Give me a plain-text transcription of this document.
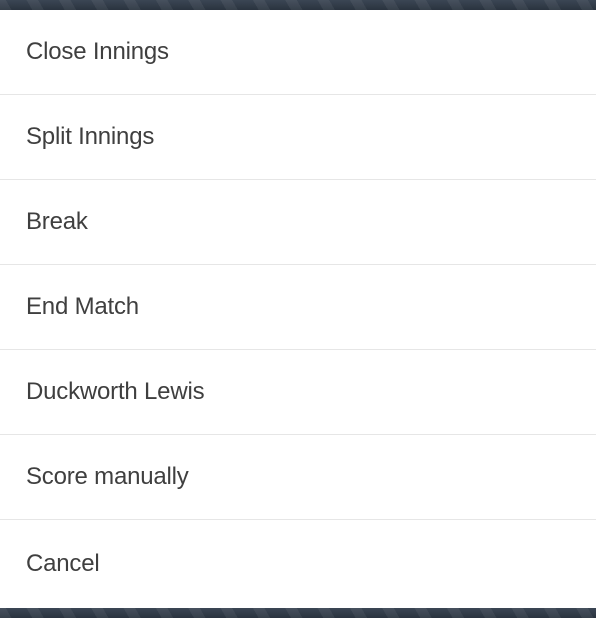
Close Innings
Split Innings
Break
End Match
Duckworth Lewis
Score manually
Cancel
